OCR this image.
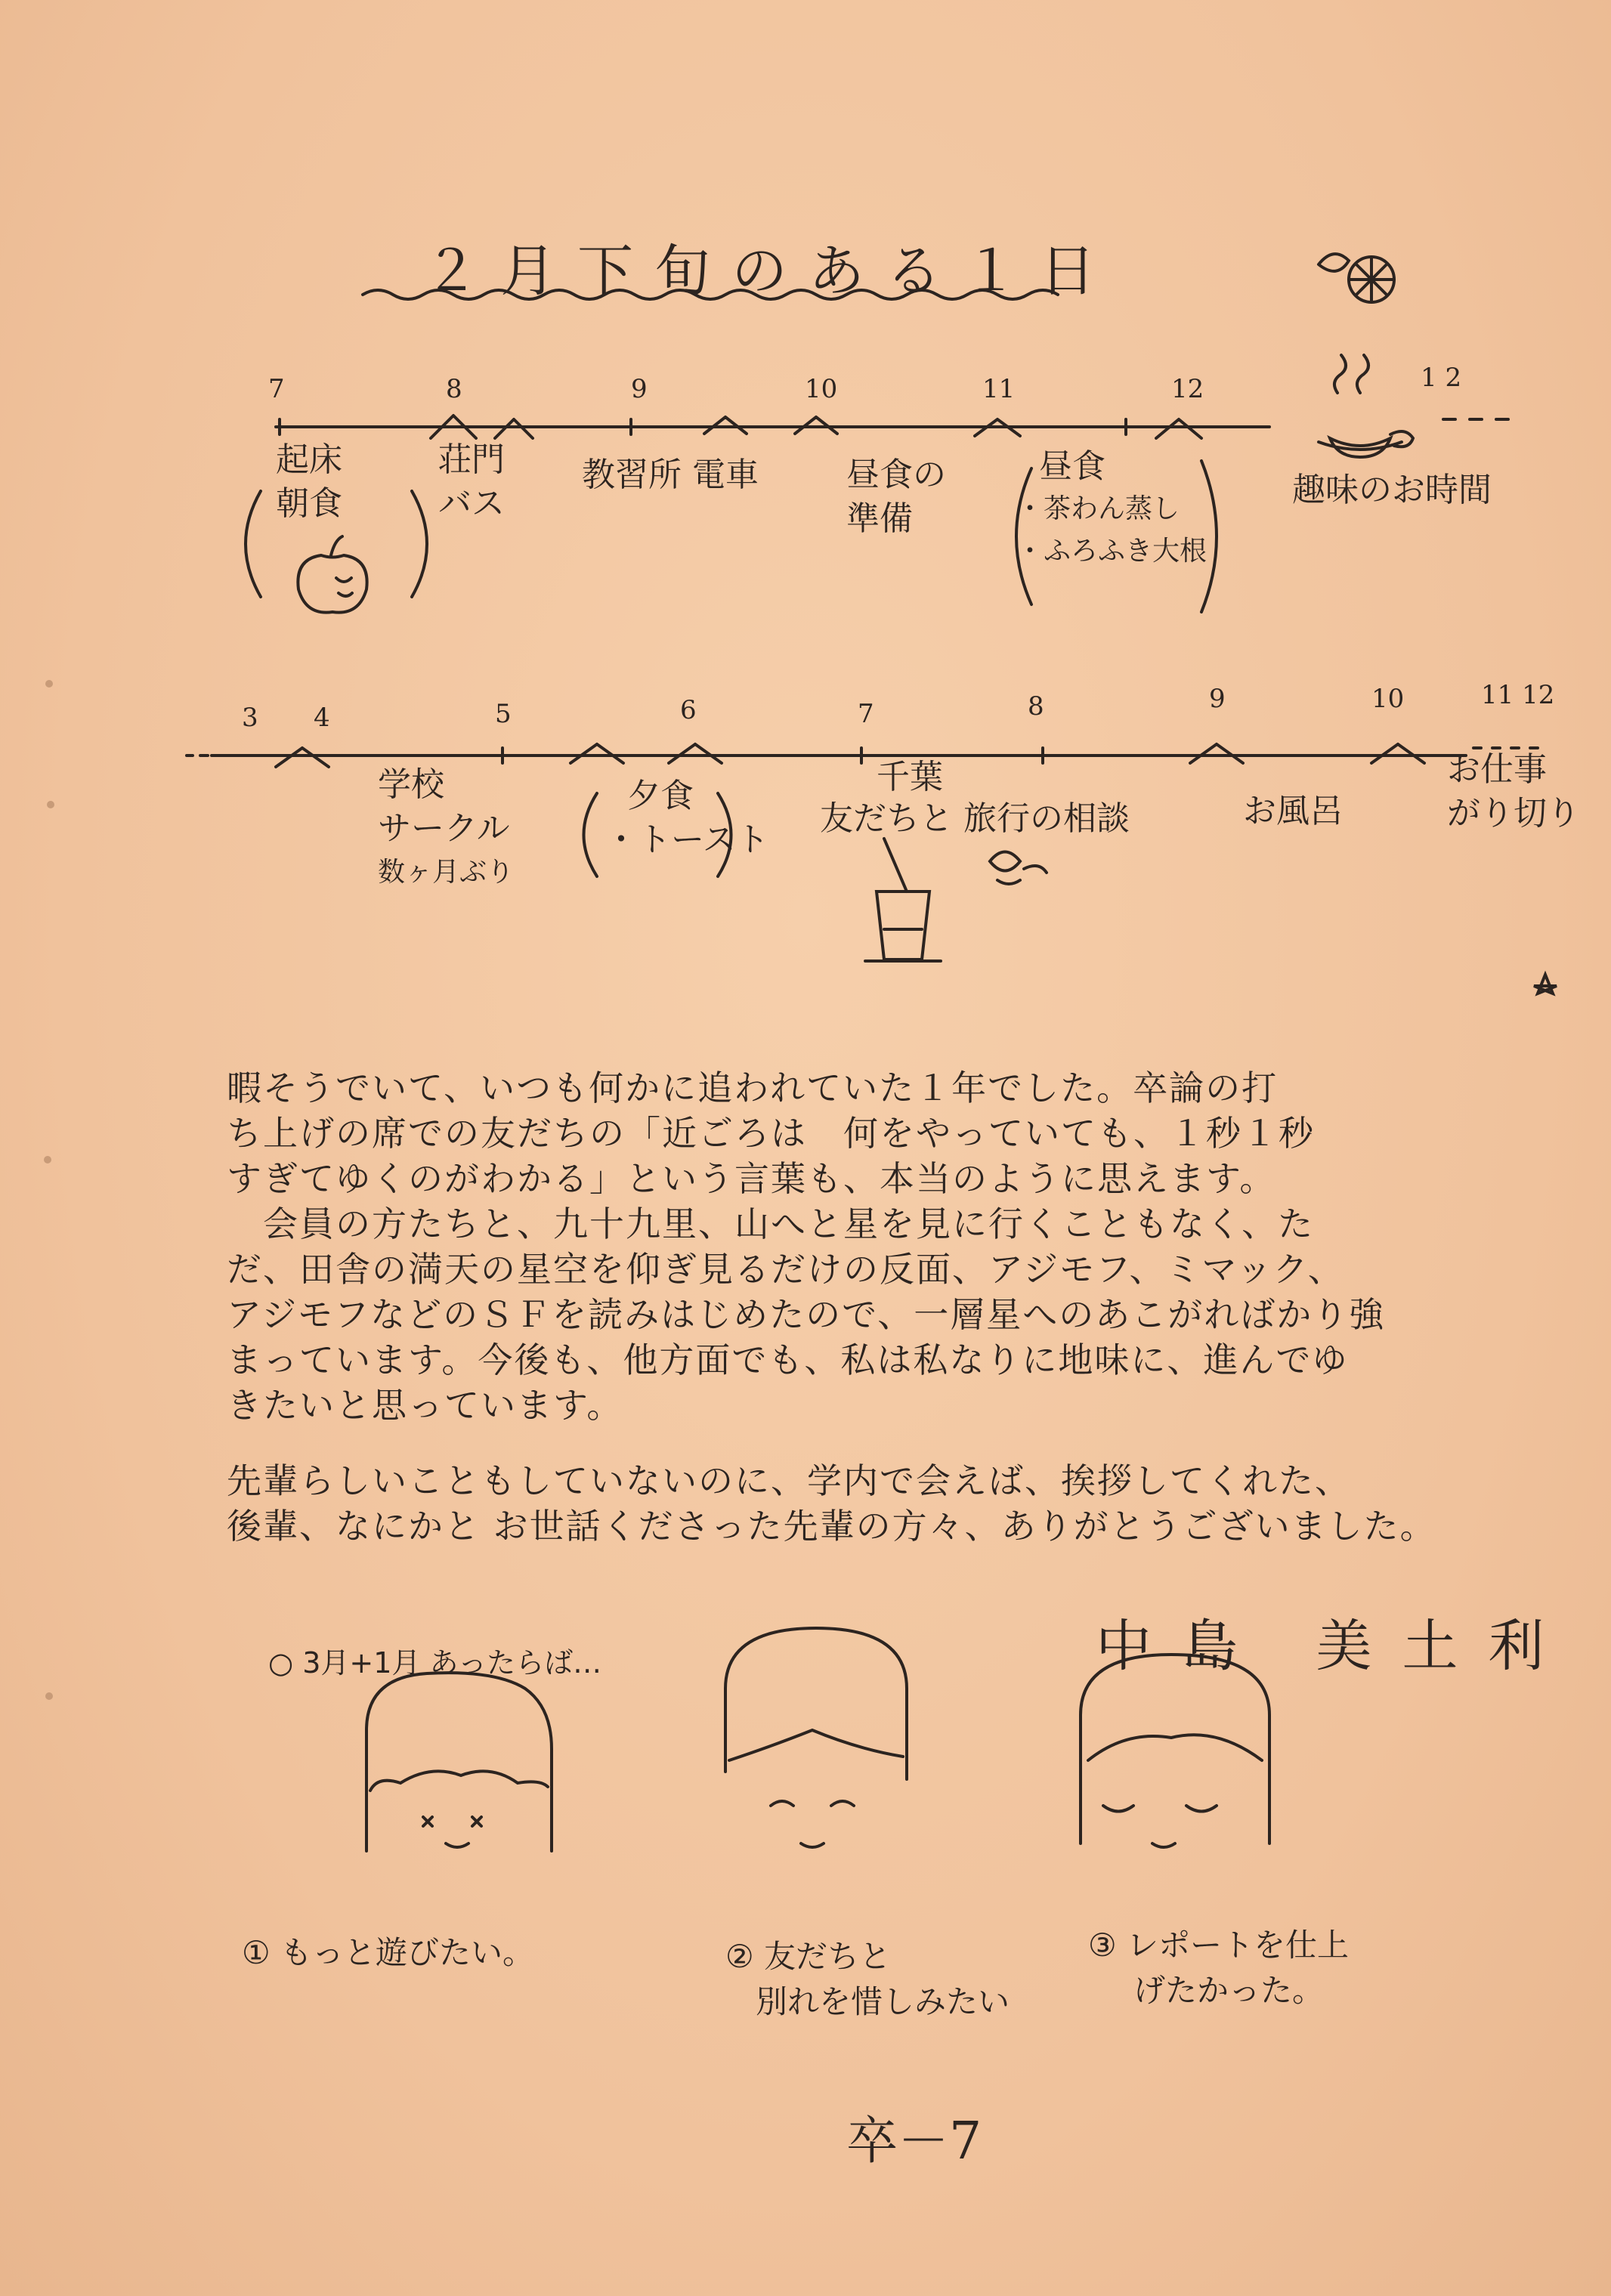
２月下旬のある１日
7	8	9	10	11	12	1 2
起床
朝食
荘門
バス
教習所 電車	昼食の
準備
昼食
・茶わん蒸し
・ふろふき大根
趣味のお時間
3 4	5	6	7	8	9	10	11 12
学校
サークル
数ヶ月ぶり
夕食
・トースト
千葉
友だちと 旅行の相談	お風呂
お仕事
がり切り

暇そうでいて、いつも何かに追われていた１年でした。卒論の打

ち上げの席での友だちの「近ごろは　何をやっていても、１秒１秒

すぎてゆくのがわかる」という言葉も、本当のように思えます。

　会員の方たちと、九十九里、山へと星を見に行くこともなく、た

だ、田舎の満天の星空を仰ぎ見るだけの反面、アジモフ、ミマック、

アジモフなどのＳＦを読みはじめたので、一層星へのあこがればかり強

まっています。今後も、他方面でも、私は私なりに地味に、進んでゆ

きたいと思っています。

先輩らしいこともしていないのに、学内で会えば、挨拶してくれた、

後輩、なにかと お世話くださった先輩の方々、ありがとうございました。

中島 美土利
○ 3月+1月 あったらば…
① もっと遊びたい。	② 友だちと
別れを惜しみたい
③ レポートを仕上
げたかった。
卒－7
